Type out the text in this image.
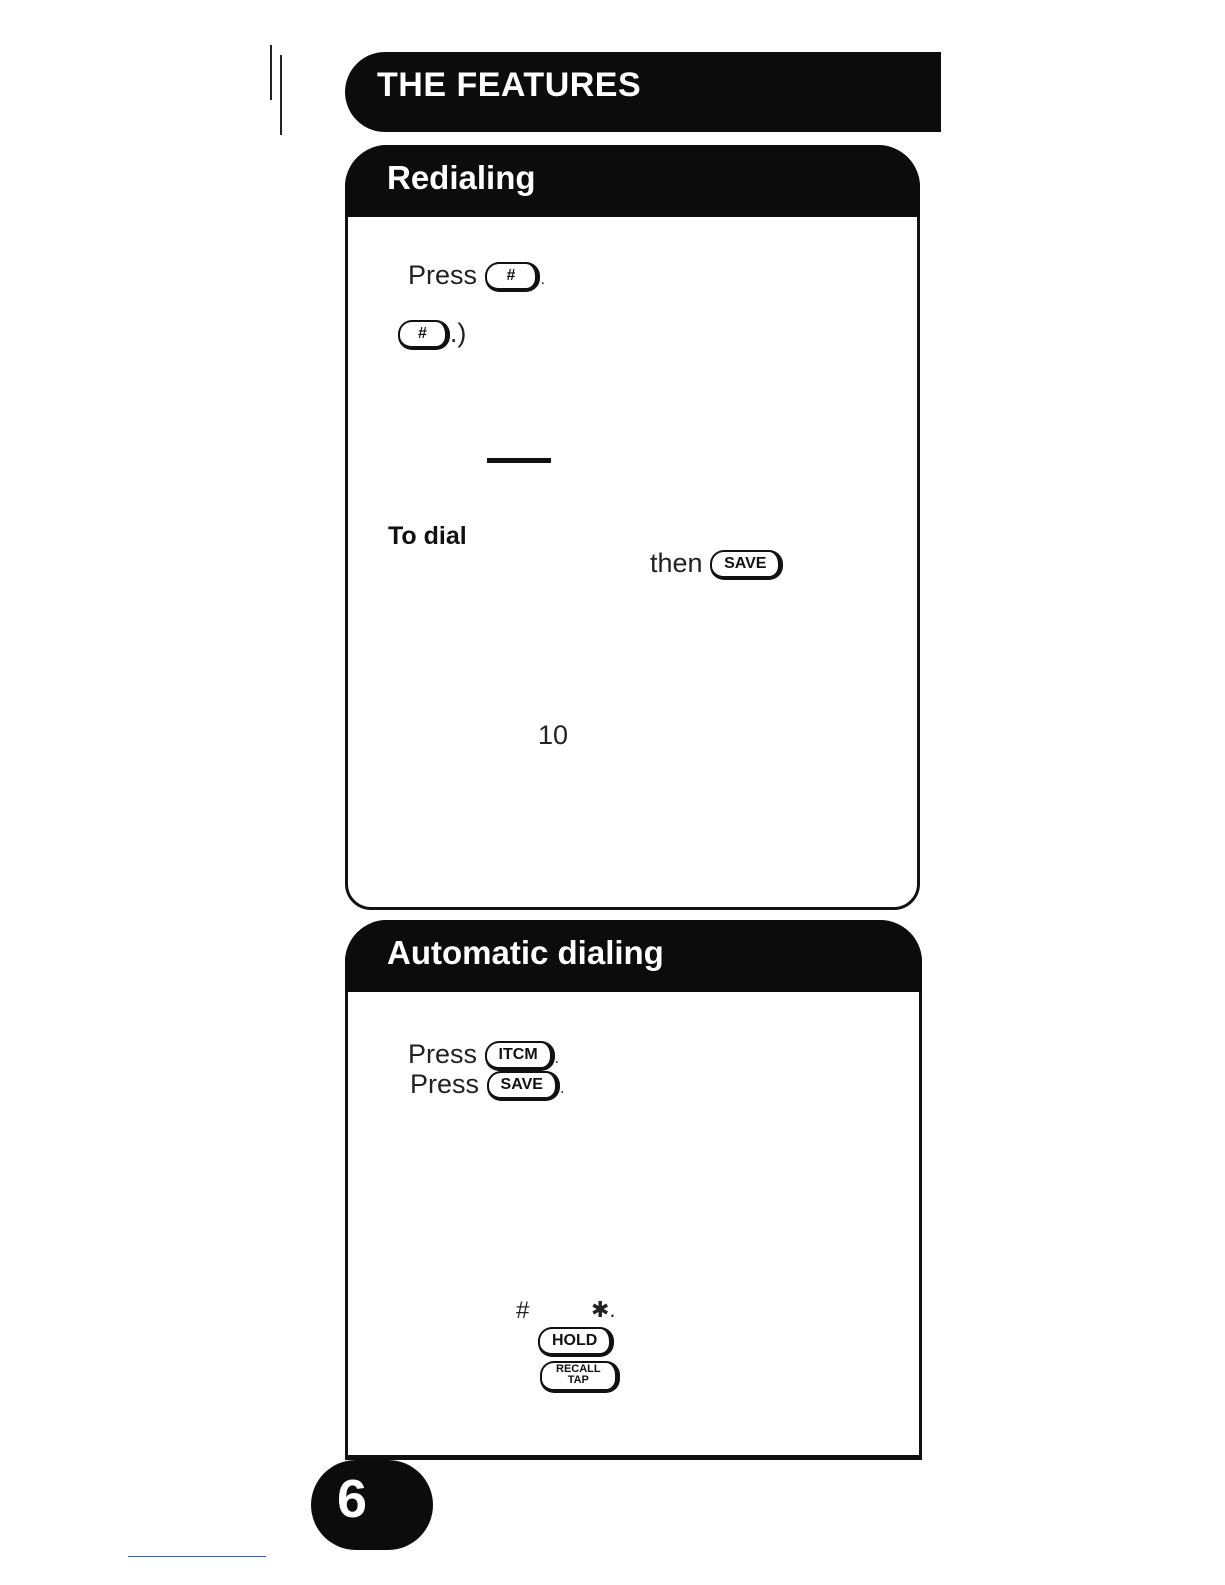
THE FEATURES
Redialing
Press # .
# .)
To dial
then SAVE
10
Automatic dialing
Press ITCM .
Press SAVE .
#	✱.
HOLD
RECALL
TAP
6
